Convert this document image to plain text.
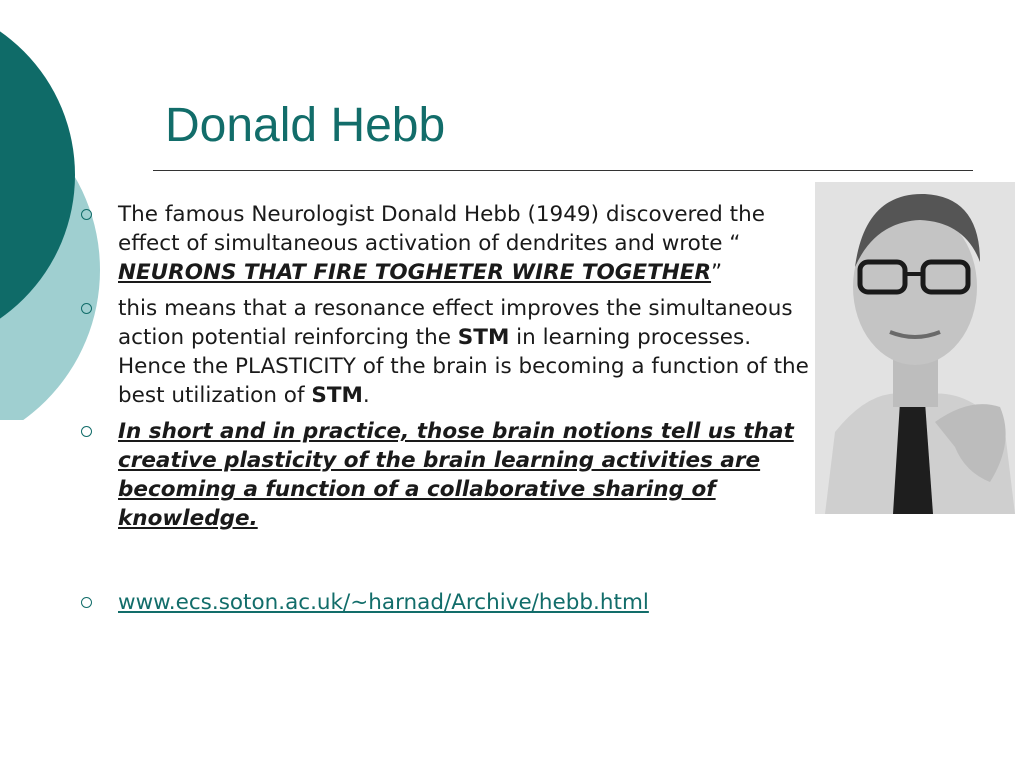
Donald Hebb
The famous Neurologist Donald Hebb (1949) discovered the effect of simultaneous activation of dendrites and wrote “ NEURONS THAT FIRE TOGHETER WIRE TOGETHER”
this means that a resonance effect improves the simultaneous action potential reinforcing the STM in learning processes. Hence the PLASTICITY of the brain is becoming a function of the best utilization of STM.
In short and in practice, those brain notions tell us that creative plasticity of the brain learning activities are becoming a function of a collaborative sharing of knowledge.
www.ecs.soton.ac.uk/~harnad/Archive/hebb.html
